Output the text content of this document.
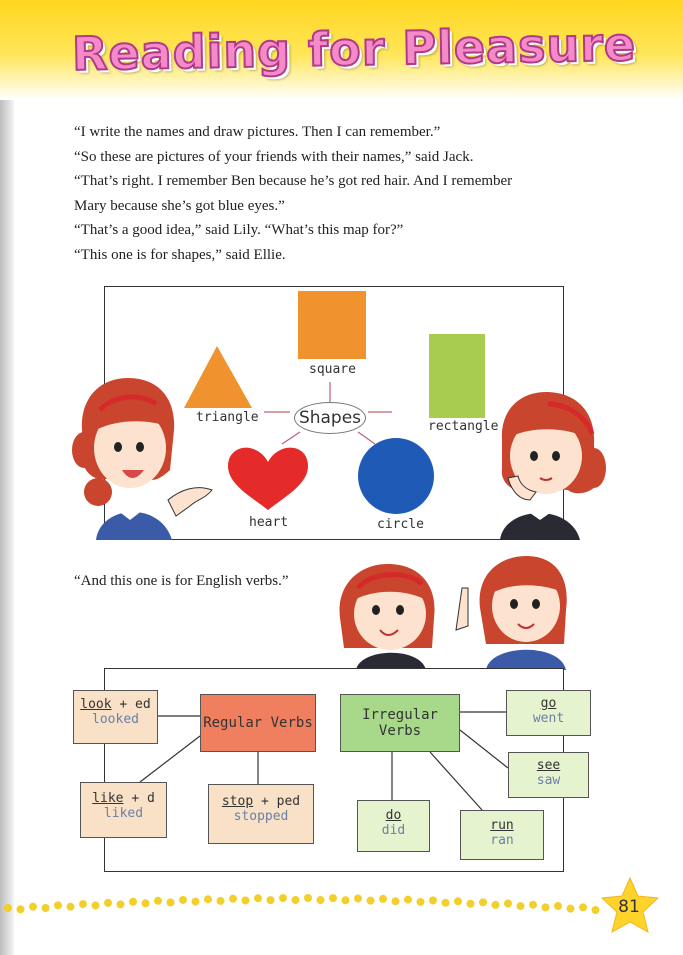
Reading for Pleasure

“I write the names and draw pictures. Then I can remember.”

“So these are pictures of your friends with their names,” said Jack.

“That’s right. I remember Ben because he’s got red hair. And I remember

Mary because she’s got blue eyes.”

“That’s a good idea,” said Lily. “What’s this map for?”

“This one is for shapes,” said Ellie.

square
triangle
rectangle
heart	circle
Shapes
“And this one is for English verbs.”
look + ed
looked	Regular Verbs	Irregular Verbs
go
went
see
saw
like + d
liked
stop + ped
stopped	do
did	run
ran
81
